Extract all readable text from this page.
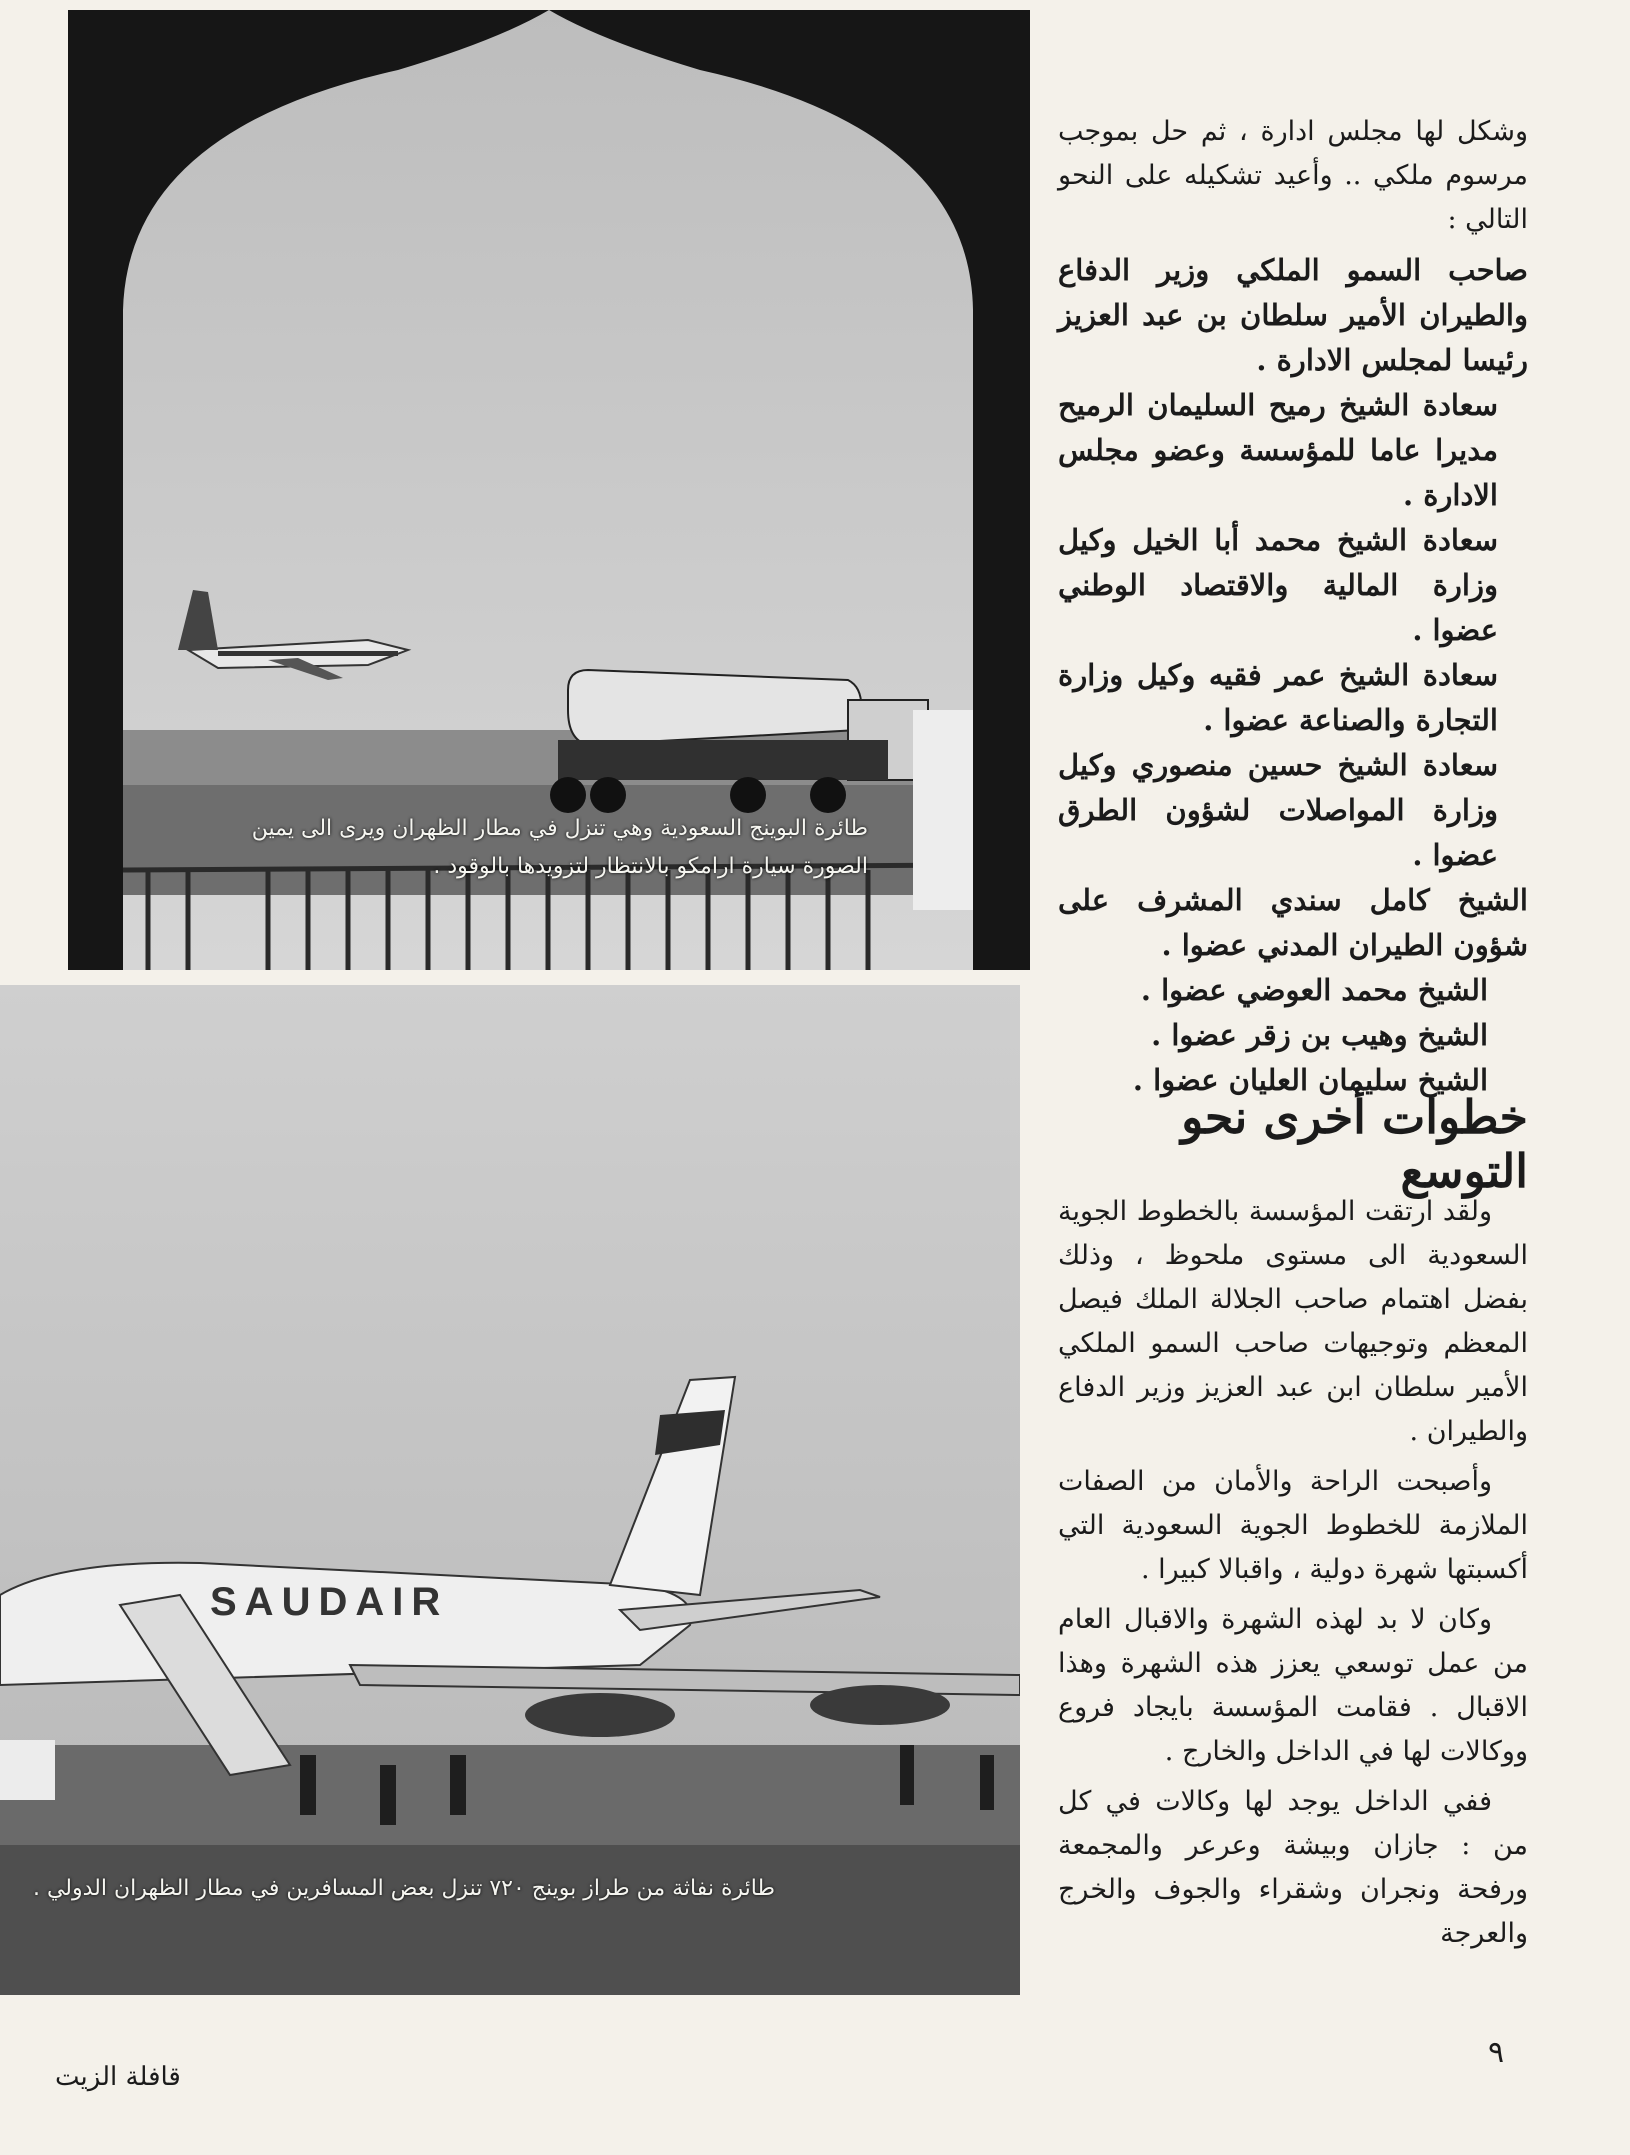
طائرة البوينج السعودية وهي تنزل في مطار الظهران ويرى الى يمين
الصورة سيارة ارامكو بالانتظار لتزويدها بالوقود .
SAUDAIR
طائرة نفاثة من طراز بوينج ٧٢٠ تنزل بعض المسافرين في مطار الظهران الدولي .

وشكل لها مجلس ادارة ، ثم حل بموجب مرسوم ملكي .. وأعيد تشكيله على النحو التالي :

صاحب السمو الملكي وزير الدفاع والطيران الأمير سلطان بن عبد العزيز رئيسا لمجلس الادارة .

سعادة الشيخ رميح السليمان الرميح مديرا عاما للمؤسسة وعضو مجلس الادارة .

سعادة الشيخ محمد أبا الخيل وكيل وزارة المالية والاقتصاد الوطني عضوا .

سعادة الشيخ عمر فقيه وكيل وزارة التجارة والصناعة عضوا .

سعادة الشيخ حسين منصوري وكيل وزارة المواصلات لشؤون الطرق عضوا .

الشيخ كامل سندي المشرف على شؤون الطيران المدني عضوا .

الشيخ محمد العوضي عضوا .

الشيخ وهيب بن زقر عضوا .

الشيخ سليمان العليان عضوا .

خطوات أخرى نحو التوسع

ولقد ارتقت المؤسسة بالخطوط الجوية السعودية الى مستوى ملحوظ ، وذلك بفضل اهتمام صاحب الجلالة الملك فيصل المعظم وتوجيهات صاحب السمو الملكي الأمير سلطان ابن عبد العزيز وزير الدفاع والطيران .

وأصبحت الراحة والأمان من الصفات الملازمة للخطوط الجوية السعودية التي أكسبتها شهرة دولية ، واقبالا كبيرا .

وكان لا بد لهذه الشهرة والاقبال العام من عمل توسعي يعزز هذه الشهرة وهذا الاقبال . فقامت المؤسسة بايجاد فروع ووكالات لها في الداخل والخارج .

ففي الداخل يوجد لها وكالات في كل من : جازان وبيشة وعرعر والمجمعة ورفحة ونجران وشقراء والجوف والخرج والعرجة

٩
قافلة الزيت
